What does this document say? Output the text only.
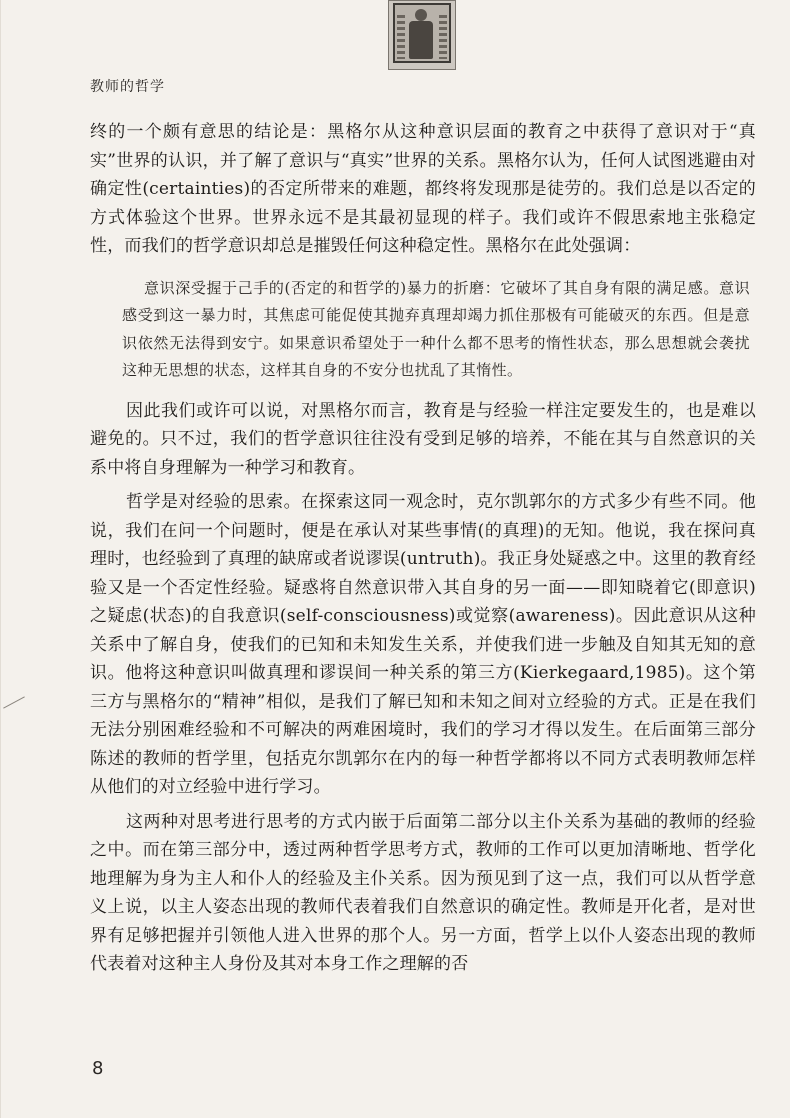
教师的哲学

终的一个颇有意思的结论是：黑格尔从这种意识层面的教育之中获得了意识对于“真实”世界的认识，并了解了意识与“真实”世界的关系。黑格尔认为，任何人试图逃避由对确定性(certainties)的否定所带来的难题，都终将发现那是徒劳的。我们总是以否定的方式体验这个世界。世界永远不是其最初显现的样子。我们或许不假思索地主张稳定性，而我们的哲学意识却总是摧毁任何这种稳定性。黑格尔在此处强调：

意识深受握于己手的(否定的和哲学的)暴力的折磨：它破坏了其自身有限的满足感。意识感受到这一暴力时，其焦虑可能促使其抛弃真理却竭力抓住那极有可能破灭的东西。但是意识依然无法得到安宁。如果意识希望处于一种什么都不思考的惰性状态，那么思想就会袭扰这种无思想的状态，这样其自身的不安分也扰乱了其惰性。

因此我们或许可以说，对黑格尔而言，教育是与经验一样注定要发生的，也是难以避免的。只不过，我们的哲学意识往往没有受到足够的培养，不能在其与自然意识的关系中将自身理解为一种学习和教育。

哲学是对经验的思索。在探索这同一观念时，克尔凯郭尔的方式多少有些不同。他说，我们在问一个问题时，便是在承认对某些事情(的真理)的无知。他说，我在探问真理时，也经验到了真理的缺席或者说谬误(untruth)。我正身处疑惑之中。这里的教育经验又是一个否定性经验。疑惑将自然意识带入其自身的另一面——即知晓着它(即意识)之疑虑(状态)的自我意识(self-consciousness)或觉察(awareness)。因此意识从这种关系中了解自身，使我们的已知和未知发生关系，并使我们进一步触及自知其无知的意识。他将这种意识叫做真理和谬误间一种关系的第三方(Kierkegaard,1985)。这个第三方与黑格尔的“精神”相似，是我们了解已知和未知之间对立经验的方式。正是在我们无法分别困难经验和不可解决的两难困境时，我们的学习才得以发生。在后面第三部分陈述的教师的哲学里，包括克尔凯郭尔在内的每一种哲学都将以不同方式表明教师怎样从他们的对立经验中进行学习。

这两种对思考进行思考的方式内嵌于后面第二部分以主仆关系为基础的教师的经验之中。而在第三部分中，透过两种哲学思考方式，教师的工作可以更加清晰地、哲学化地理解为身为主人和仆人的经验及主仆关系。因为预见到了这一点，我们可以从哲学意义上说，以主人姿态出现的教师代表着我们自然意识的确定性。教师是开化者，是对世界有足够把握并引领他人进入世界的那个人。另一方面，哲学上以仆人姿态出现的教师代表着对这种主人身份及其对本身工作之理解的否

8
